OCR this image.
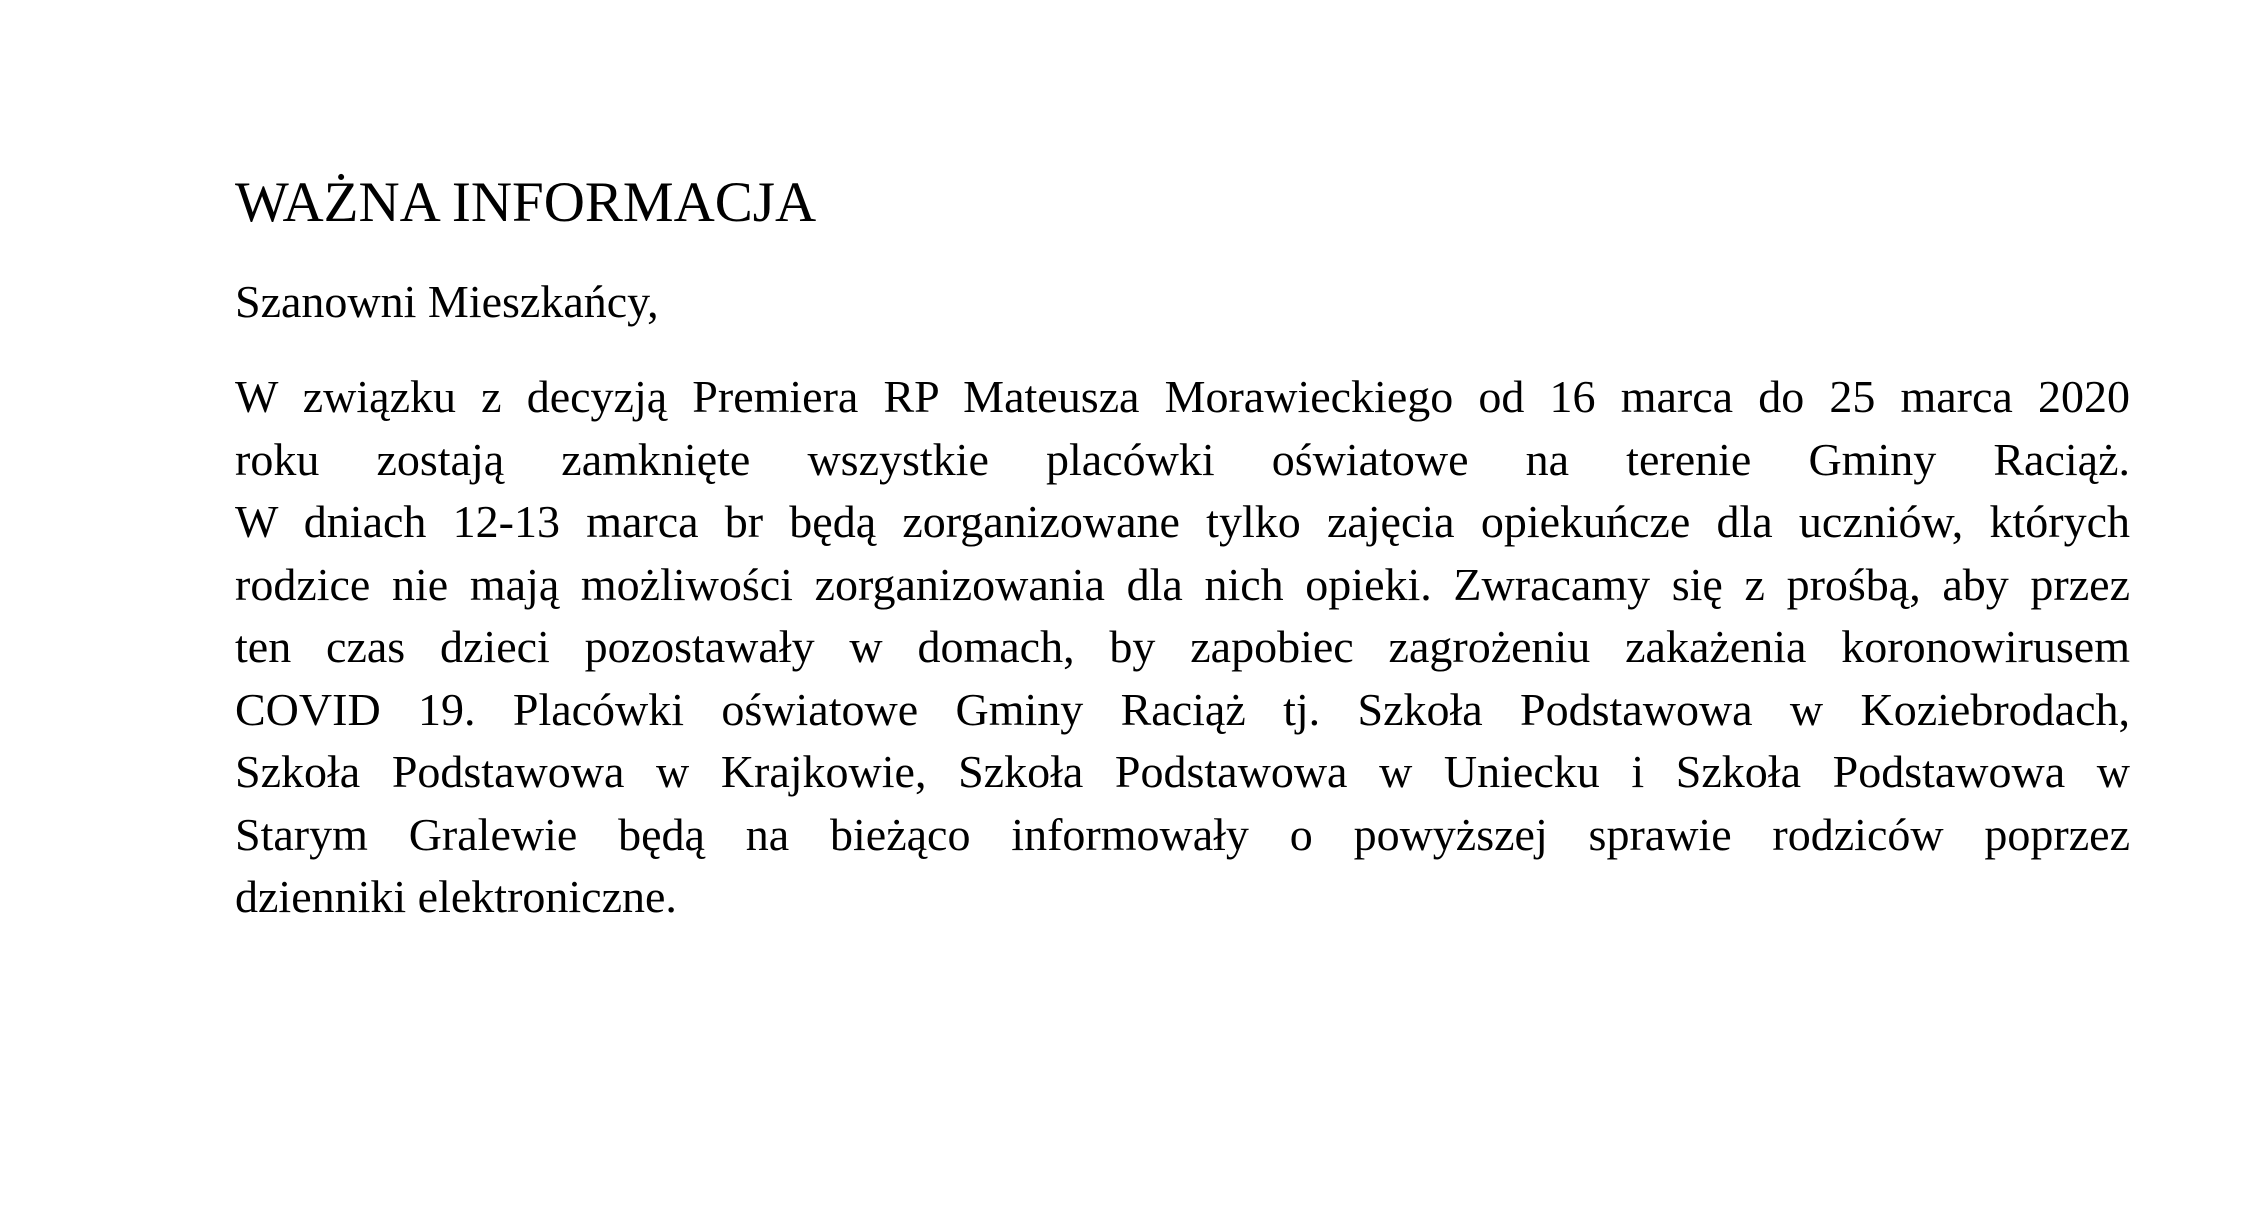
WAŻNA INFORMACJA

Szanowni Mieszkańcy,

W związku z decyzją Premiera RP Mateusza Morawieckiego od 16 marca do 25 marca 2020
roku zostają zamknięte wszystkie placówki oświatowe na terenie Gminy Raciąż.
W dniach 12-13 marca br będą zorganizowane tylko zajęcia opiekuńcze dla uczniów, których
rodzice nie mają możliwości zorganizowania dla nich opieki. Zwracamy się z prośbą, aby przez
ten czas dzieci pozostawały w domach, by zapobiec zagrożeniu zakażenia koronowirusem
COVID 19. Placówki oświatowe Gminy Raciąż tj. Szkoła Podstawowa w Koziebrodach,
Szkoła Podstawowa w Krajkowie, Szkoła Podstawowa w Uniecku i Szkoła Podstawowa w
Starym Gralewie będą na bieżąco informowały o powyższej sprawie rodziców poprzez
dzienniki elektroniczne.
